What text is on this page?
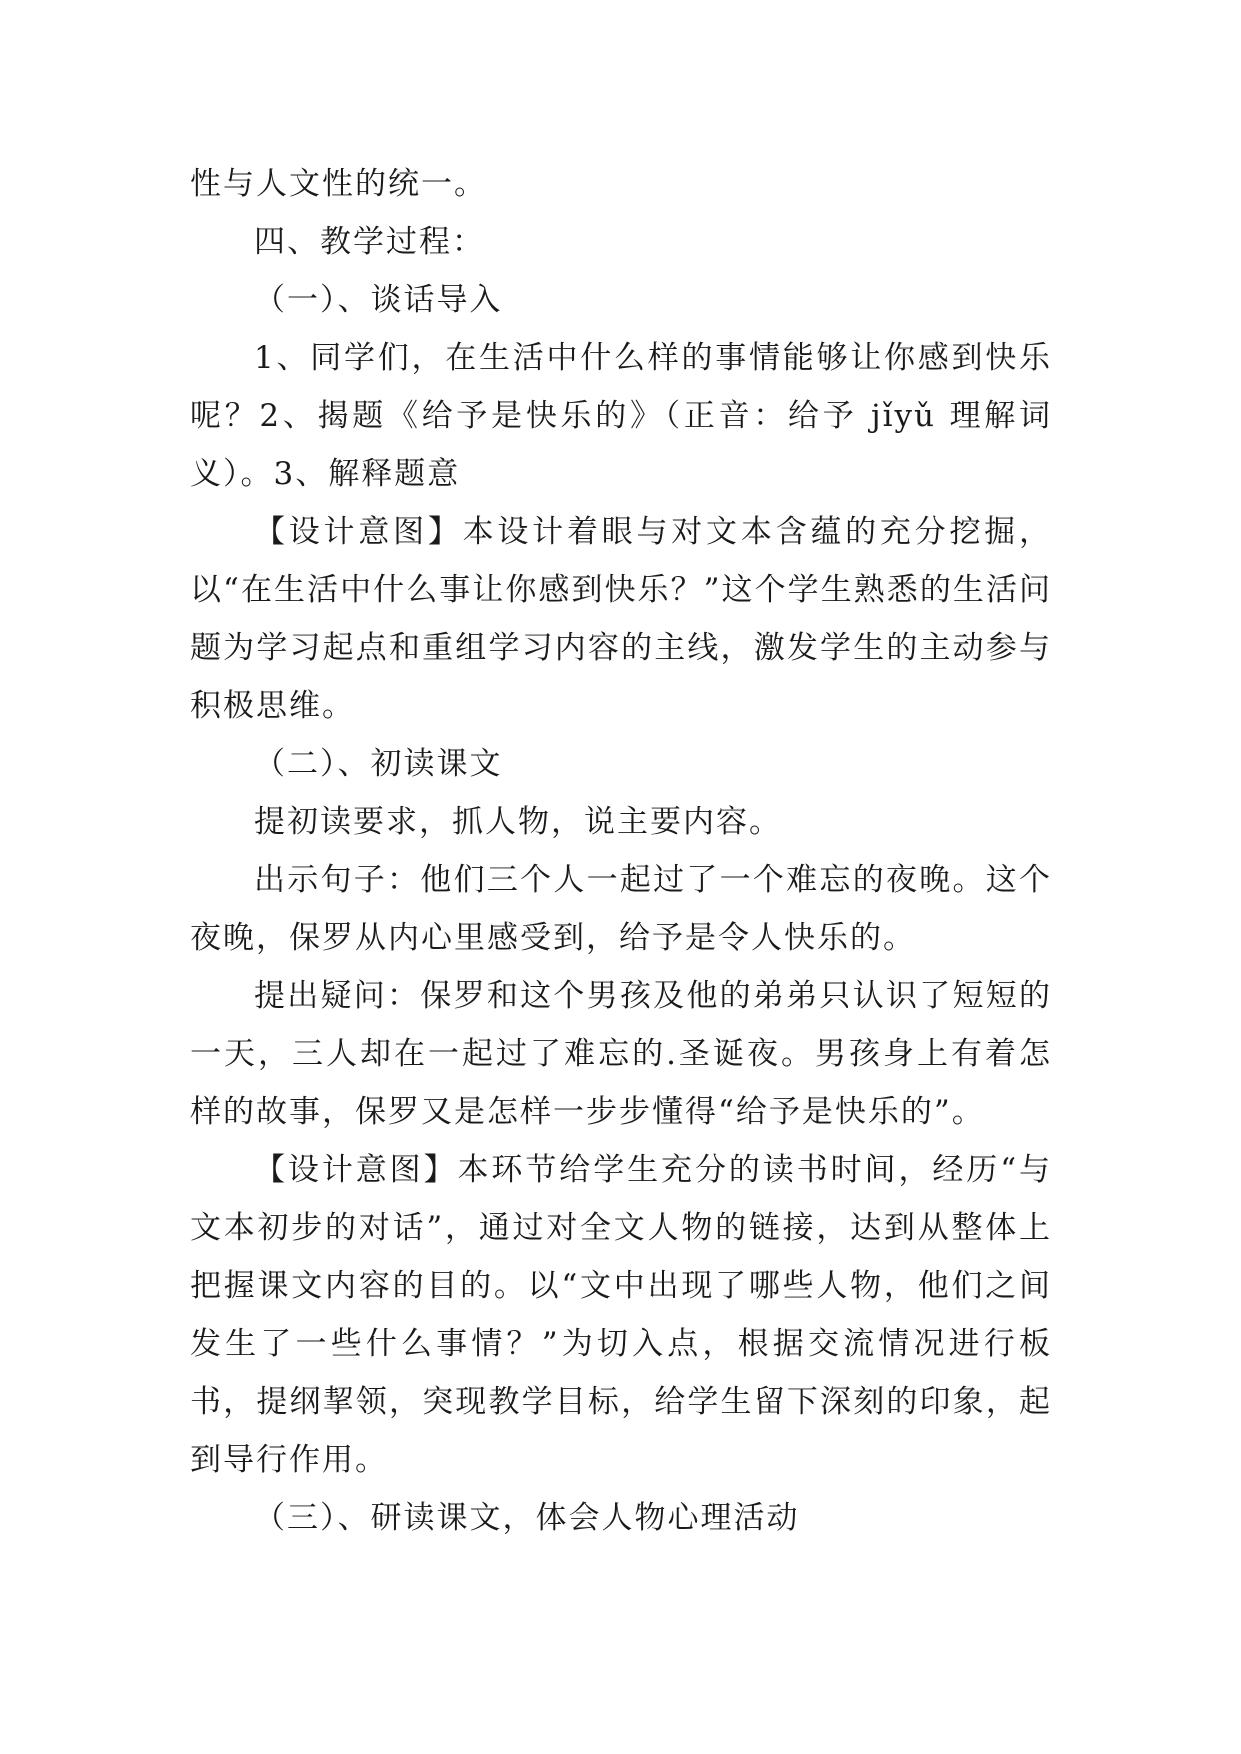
性与人文性的统一。

四、教学过程：

（一）、谈话导入

1、同学们，在生活中什么样的事情能够让你感到快乐呢？2、揭题《给予是快乐的》（正音：给予 jǐyǔ 理解词义）。3、解释题意

【设计意图】本设计着眼与对文本含蕴的充分挖掘，以“在生活中什么事让你感到快乐？”这个学生熟悉的生活问题为学习起点和重组学习内容的主线，激发学生的主动参与积极思维。

（二）、初读课文

提初读要求，抓人物，说主要内容。

出示句子：他们三个人一起过了一个难忘的夜晚。这个夜晚，保罗从内心里感受到，给予是令人快乐的。

提出疑问：保罗和这个男孩及他的弟弟只认识了短短的一天，三人却在一起过了难忘的.圣诞夜。男孩身上有着怎样的故事，保罗又是怎样一步步懂得“给予是快乐的”。

【设计意图】本环节给学生充分的读书时间，经历“与文本初步的对话”，通过对全文人物的链接，达到从整体上把握课文内容的目的。以“文中出现了哪些人物，他们之间发生了一些什么事情？”为切入点，根据交流情况进行板书，提纲挈领，突现教学目标，给学生留下深刻的印象，起到导行作用。

（三）、研读课文，体会人物心理活动
